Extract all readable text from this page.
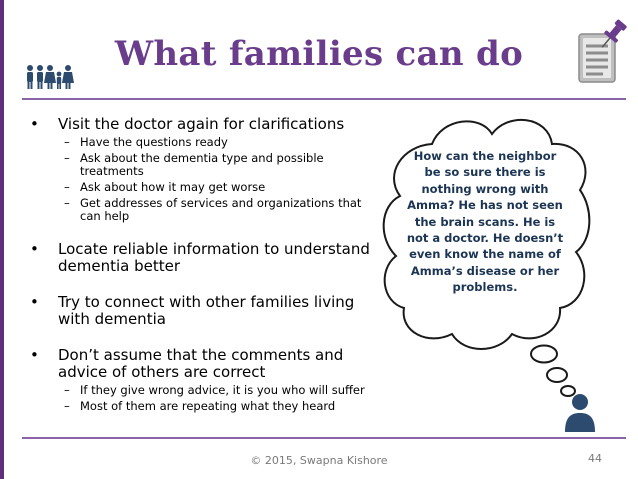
What families can do
• Visit the doctor again for clarifications
– Have the questions ready
– Ask about the dementia type and possible treatments
– Ask about how it may get worse
– Get addresses of services and organizations that can help
• Locate reliable information to understand dementia better
• Try to connect with other families living with dementia
• Don’t assume that the comments and advice of others are correct
– If they give wrong advice, it is you who will suffer
– Most of them are repeating what they heard
How can the neighbor be so sure there is nothing wrong with Amma? He has not seen the brain scans. He is not a doctor. He doesn’t even know the name of Amma’s disease or her problems.
© 2015, Swapna Kishore	44
